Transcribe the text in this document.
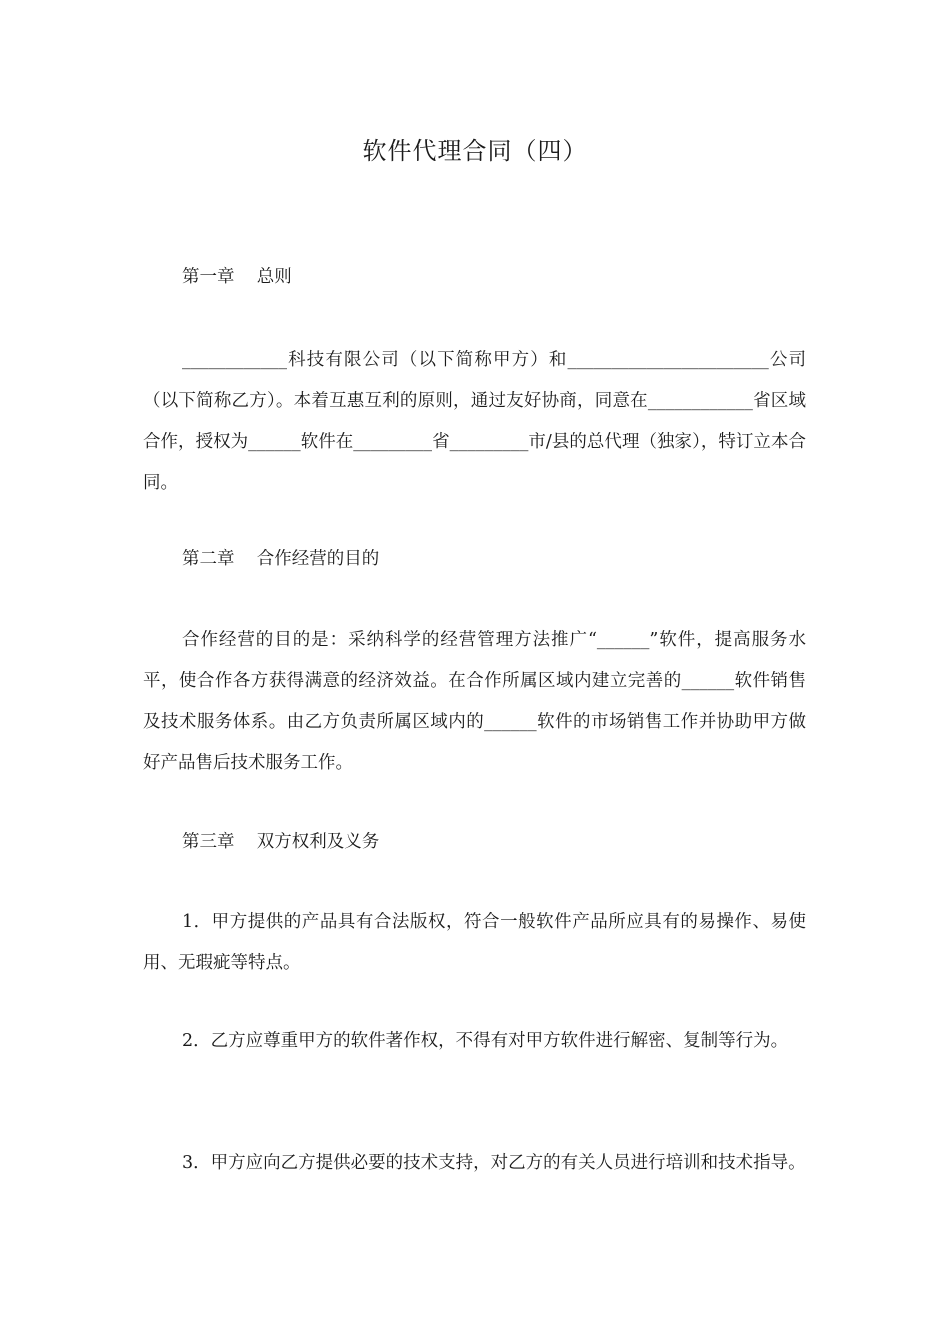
软件代理合同（四）

第一章    总则

____________科技有限公司（以下简称甲方）和_______________________公司（以下简称乙方）。本着互惠互利的原则，通过友好协商，同意在____________省区域合作，授权为______软件在_________省_________市/县的总代理（独家），特订立本合同。

第二章    合作经营的目的

合作经营的目的是：采纳科学的经营管理方法推广“______”软件，提高服务水平，使合作各方获得满意的经济效益。在合作所属区域内建立完善的______软件销售及技术服务体系。由乙方负责所属区域内的______软件的市场销售工作并协助甲方做好产品售后技术服务工作。

第三章    双方权利及义务

1．甲方提供的产品具有合法版权，符合一般软件产品所应具有的易操作、易使用、无瑕疵等特点。

2．乙方应尊重甲方的软件著作权，不得有对甲方软件进行解密、复制等行为。

3．甲方应向乙方提供必要的技术支持，对乙方的有关人员进行培训和技术指导。
